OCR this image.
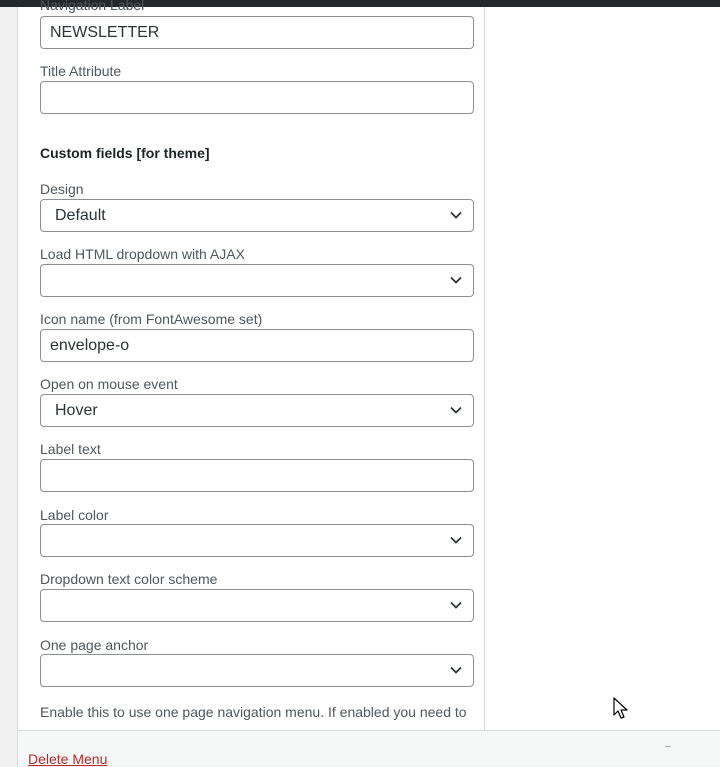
Navigation Label
NEWSLETTER
Title Attribute
Custom fields [for theme]
Design
Default
Load HTML dropdown with AJAX
Icon name (from FontAwesome set)
envelope-o
Open on mouse event
Hover
Label text
Label color
Dropdown text color scheme
One page anchor
Enable this to use one page navigation menu. If enabled you need to
Delete Menu
–
